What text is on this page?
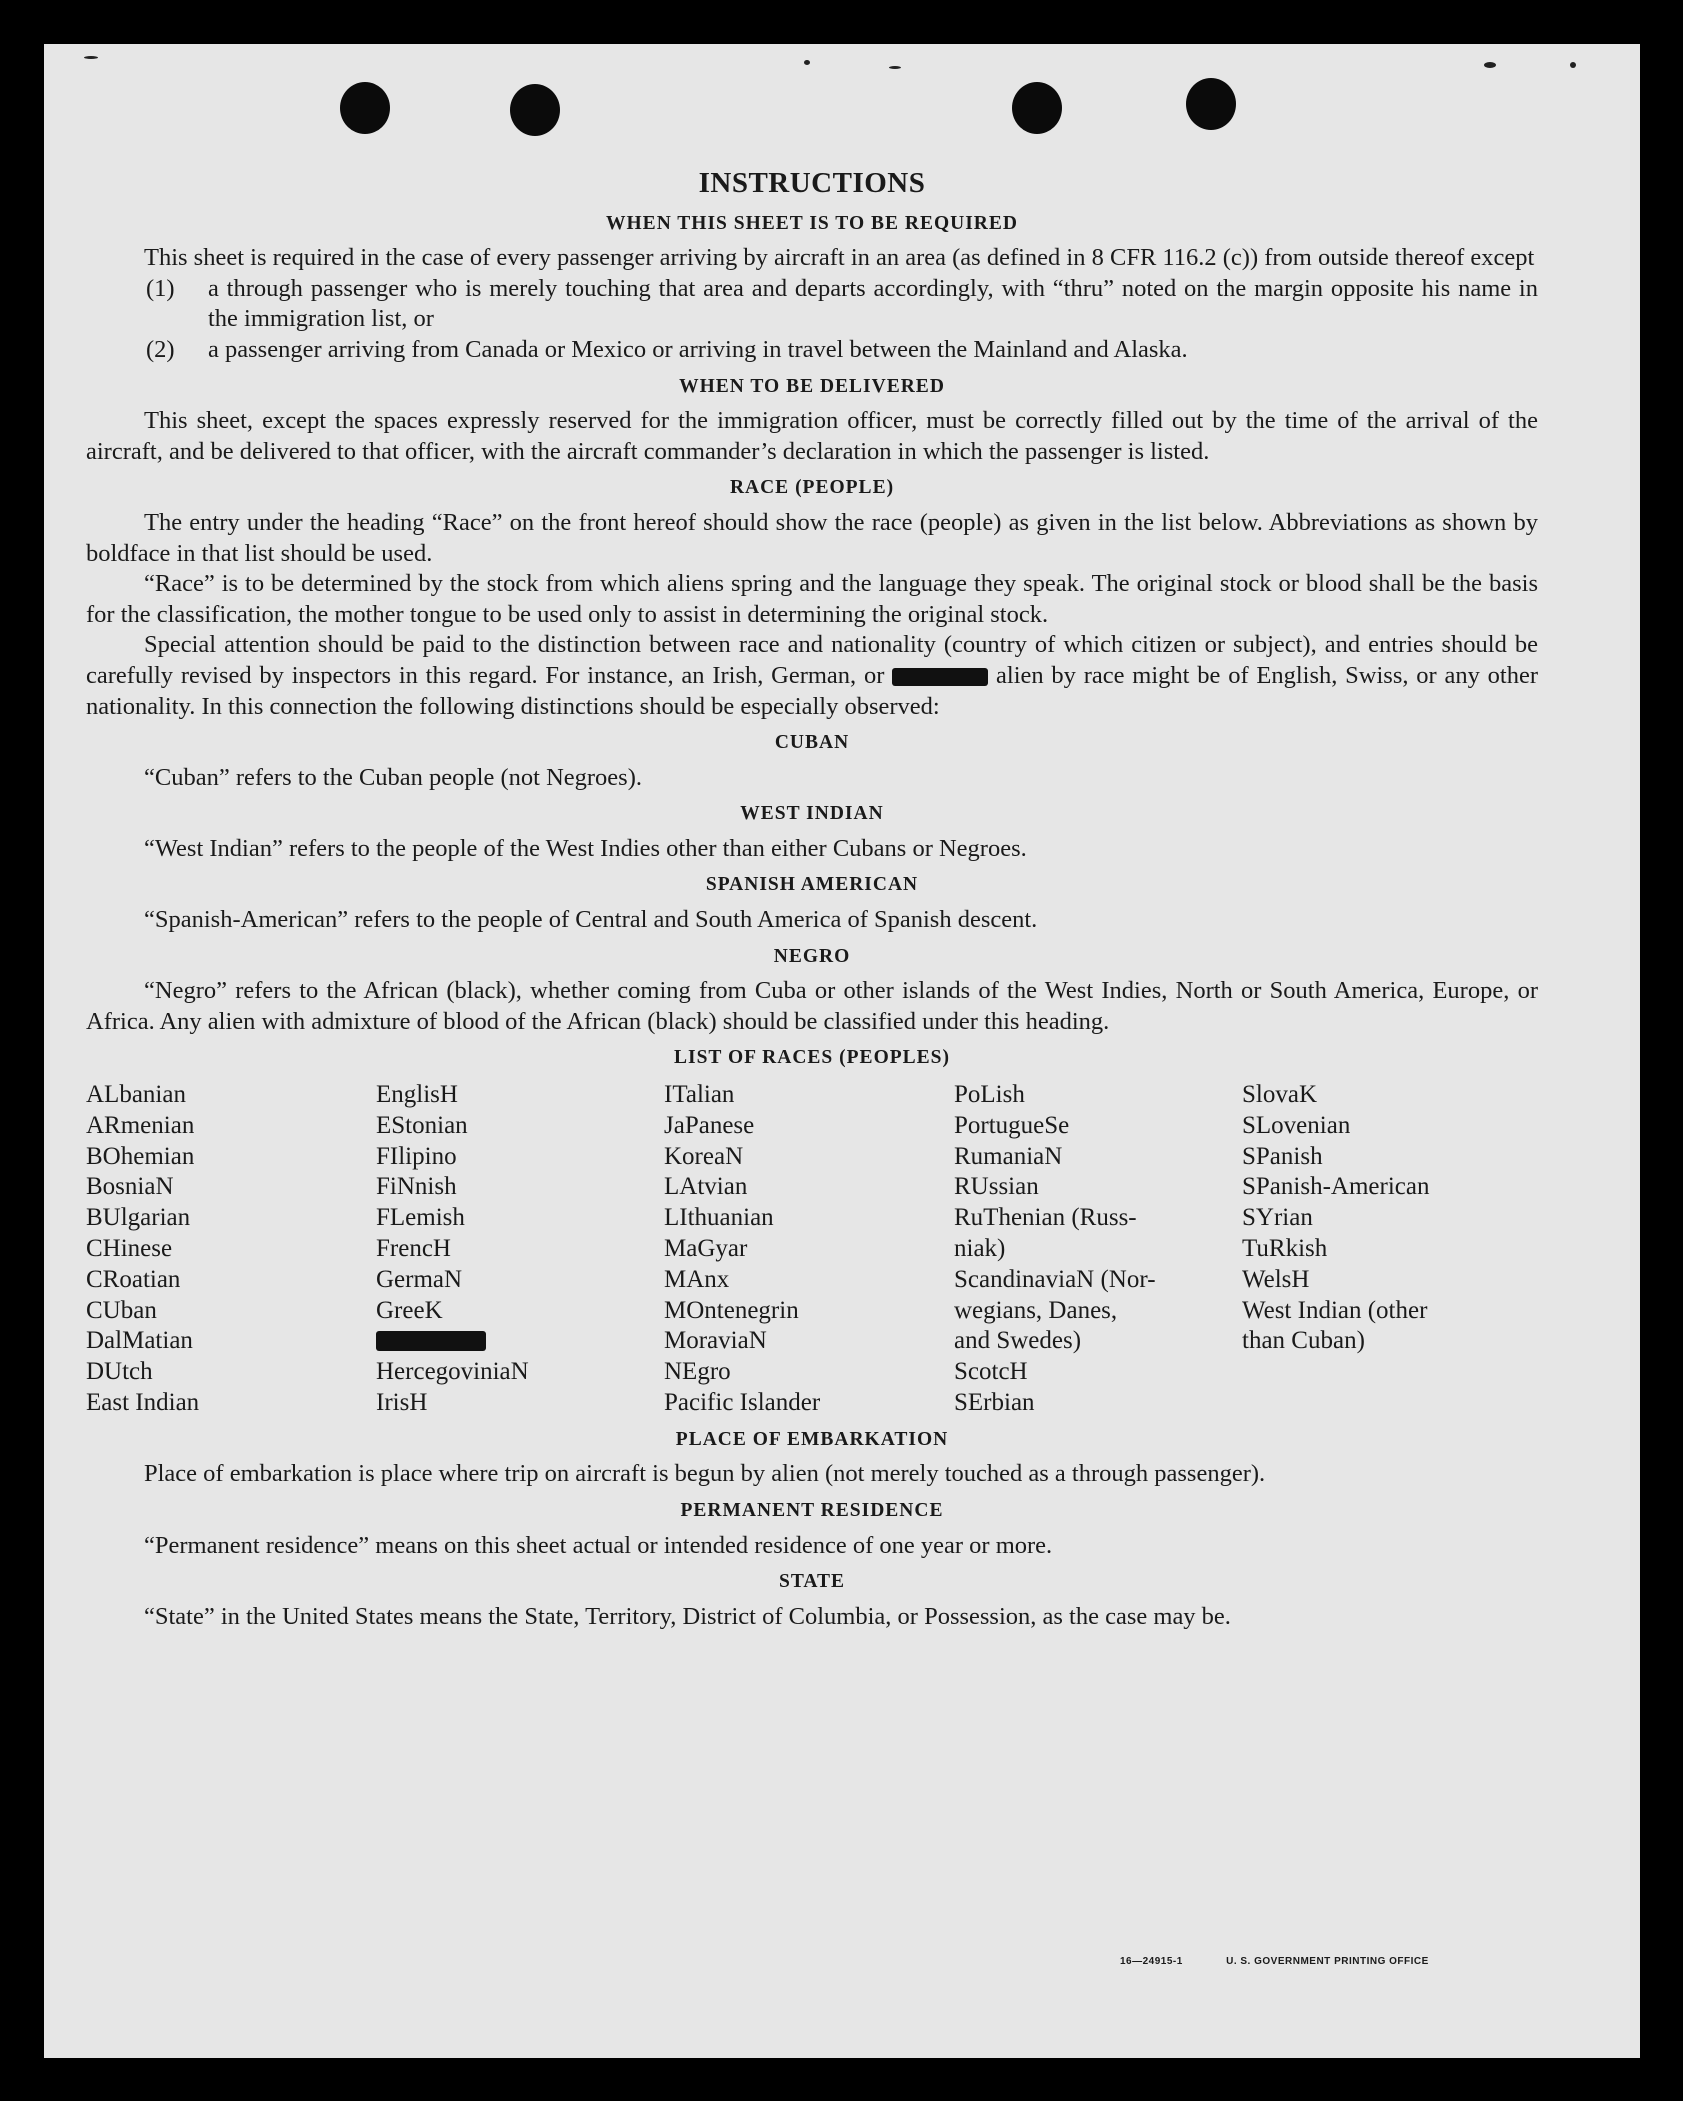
INSTRUCTIONS
WHEN THIS SHEET IS TO BE REQUIRED

This sheet is required in the case of every passenger arriving by aircraft in an area (as defined in 8 CFR 116.2 (c)) from outside thereof except

(1) a through passenger who is merely touching that area and departs accordingly, with “thru” noted on the margin opposite his name in the immigration list, or
(2) a passenger arriving from Canada or Mexico or arriving in travel between the Mainland and Alaska.
WHEN TO BE DELIVERED

This sheet, except the spaces expressly reserved for the immigration officer, must be correctly filled out by the time of the arrival of the aircraft, and be delivered to that officer, with the aircraft commander’s declaration in which the passenger is listed.

RACE (PEOPLE)

The entry under the heading “Race” on the front hereof should show the race (people) as given in the list below. Abbreviations as shown by boldface in that list should be used.

“Race” is to be determined by the stock from which aliens spring and the language they speak. The original stock or blood shall be the basis for the classification, the mother tongue to be used only to assist in determining the original stock.

Special attention should be paid to the distinction between race and nationality (country of which citizen or subject), and entries should be carefully revised by inspectors in this regard. For instance, an Irish, German, or	alien by race might be of English, Swiss, or any other nationality. In this connection the following distinctions should be especially observed:

CUBAN

“Cuban” refers to the Cuban people (not Negroes).

WEST INDIAN

“West Indian” refers to the people of the West Indies other than either Cubans or Negroes.

SPANISH AMERICAN

“Spanish-American” refers to the people of Central and South America of Spanish descent.

NEGRO

“Negro” refers to the African (black), whether coming from Cuba or other islands of the West Indies, North or South America, Europe, or Africa. Any alien with admixture of blood of the African (black) should be classified under this heading.

LIST OF RACES (PEOPLES)
ALbanian
ARmenian
BOhemian
BosniaN
BUlgarian
CHinese
CRoatian
CUban
DalMatian
DUtch
East Indian
EnglisH
EStonian
FIlipino
FiNnish
FLemish
FrencH
GermaN
GreeK
HercegoviniaN
IrisH
ITalian
JaPanese
KoreaN
LAtvian
LIthuanian
MaGyar
MAnx
MOntenegrin
MoraviaN
NEgro
Pacific Islander
PoLish
PortugueSe
RumaniaN
RUssian
RuThenian (Russ-
niak)
ScandinaviaN (Nor-
wegians, Danes,
and Swedes)
ScotcH
SErbian
SlovaK
SLovenian
SPanish
SPanish-American
SYrian
TuRkish
WelsH
West Indian (other
than Cuban)
PLACE OF EMBARKATION

Place of embarkation is place where trip on aircraft is begun by alien (not merely touched as a through passenger).

PERMANENT RESIDENCE

“Permanent residence” means on this sheet actual or intended residence of one year or more.

STATE

“State” in the United States means the State, Territory, District of Columbia, or Possession, as the case may be.

16—24915-1	U. S. GOVERNMENT PRINTING OFFICE
